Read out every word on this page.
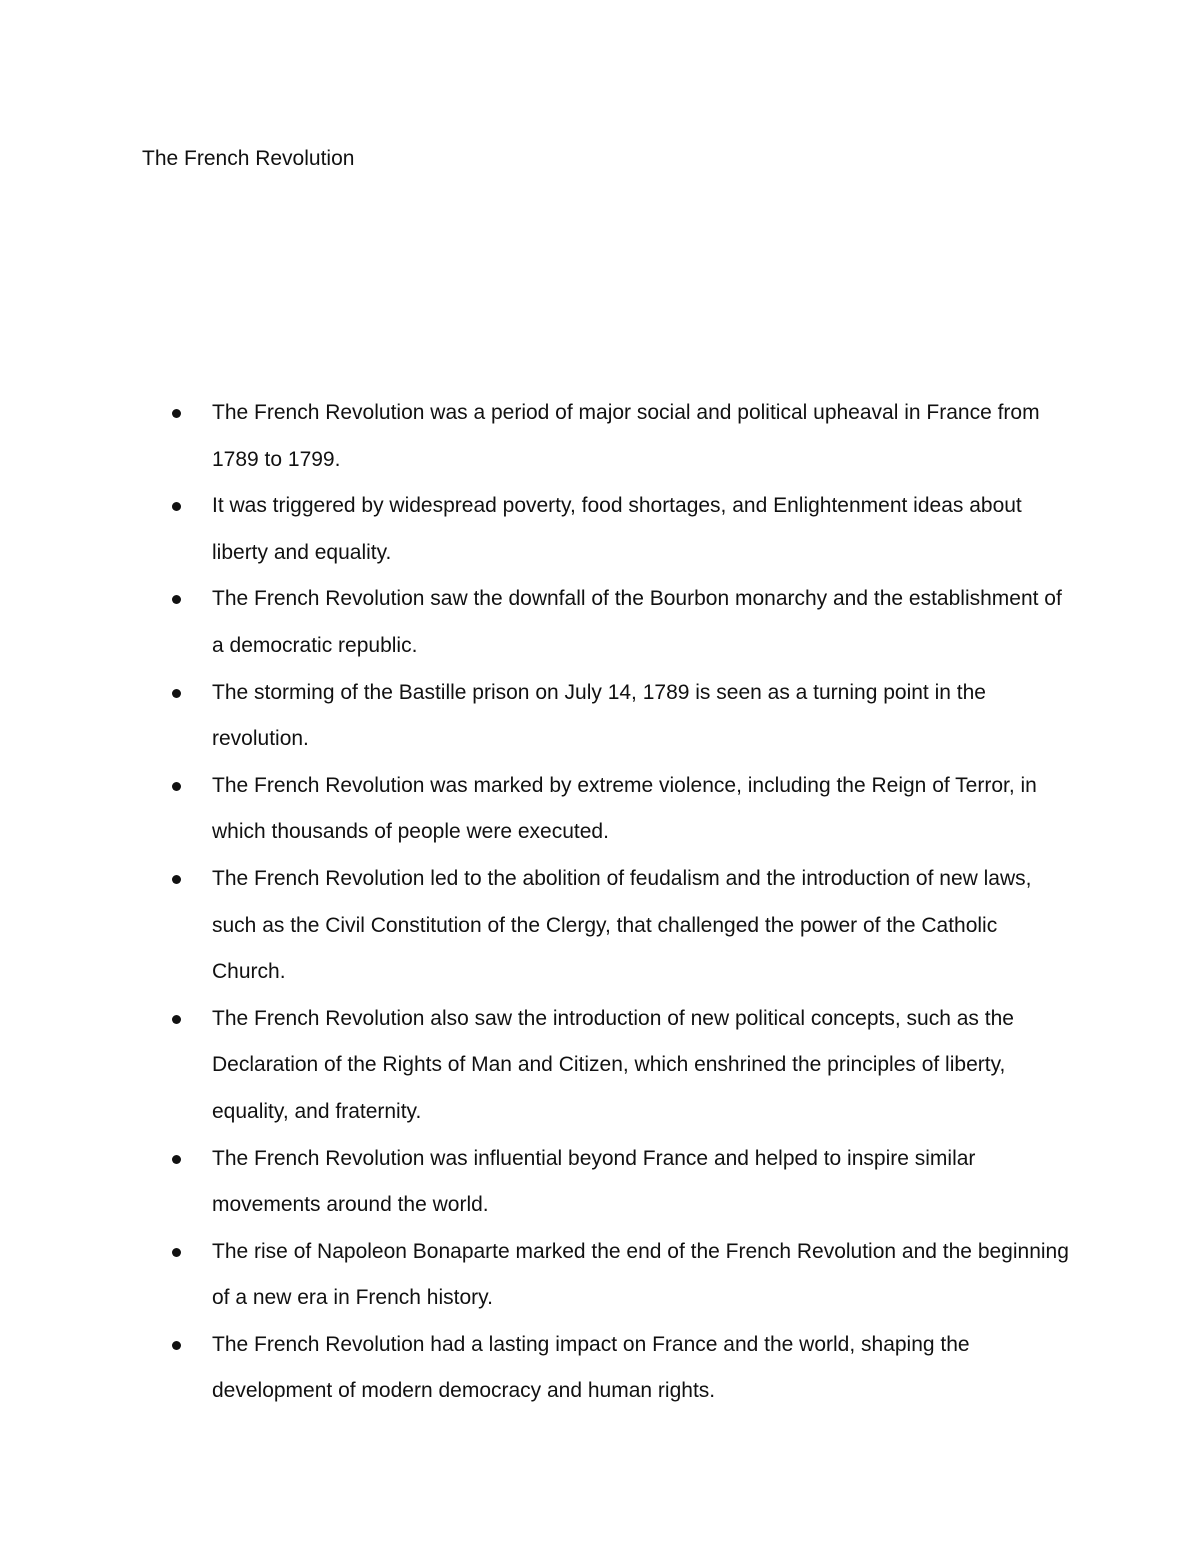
The French Revolution
The French Revolution was a period of major social and political upheaval in France from 1789 to 1799.
It was triggered by widespread poverty, food shortages, and Enlightenment ideas about liberty and equality.
The French Revolution saw the downfall of the Bourbon monarchy and the establishment of a democratic republic.
The storming of the Bastille prison on July 14, 1789 is seen as a turning point in the revolution.
The French Revolution was marked by extreme violence, including the Reign of Terror, in which thousands of people were executed.
The French Revolution led to the abolition of feudalism and the introduction of new laws, such as the Civil Constitution of the Clergy, that challenged the power of the Catholic Church.
The French Revolution also saw the introduction of new political concepts, such as the Declaration of the Rights of Man and Citizen, which enshrined the principles of liberty, equality, and fraternity.
The French Revolution was influential beyond France and helped to inspire similar movements around the world.
The rise of Napoleon Bonaparte marked the end of the French Revolution and the beginning of a new era in French history.
The French Revolution had a lasting impact on France and the world, shaping the development of modern democracy and human rights.
